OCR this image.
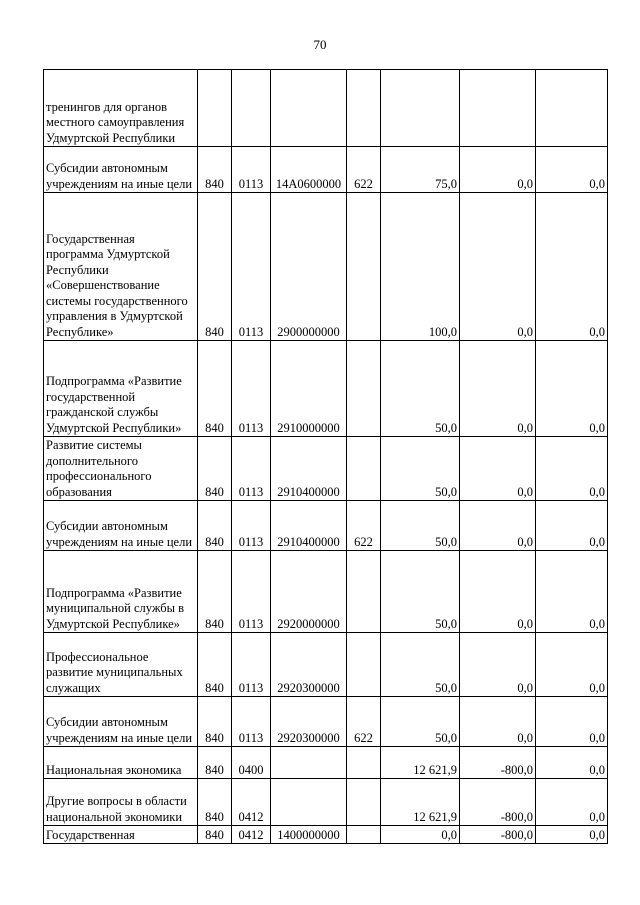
70
тренингов для органов местного самоуправления Удмуртской Республики							
Субсидии автономным учреждениям на иные цели	840	0113	14А0600000	622	75,0	0,0	0,0
Государственная программа Удмуртской Республики «Совершенствование системы государственного управления в Удмуртской Республике»	840	0113	2900000000		100,0	0,0	0,0
Подпрограмма «Развитие государственной гражданской службы Удмуртской Республики»	840	0113	2910000000		50,0	0,0	0,0
Развитие системы дополнительного профессионального образования	840	0113	2910400000		50,0	0,0	0,0
Субсидии автономным учреждениям на иные цели	840	0113	2910400000	622	50,0	0,0	0,0
Подпрограмма «Развитие муниципальной службы в Удмуртской Республике»	840	0113	2920000000		50,0	0,0	0,0
Профессиональное развитие муниципальных служащих	840	0113	2920300000		50,0	0,0	0,0
Субсидии автономным учреждениям на иные цели	840	0113	2920300000	622	50,0	0,0	0,0
Национальная экономика	840	0400			12 621,9	-800,0	0,0
Другие вопросы в области национальной экономики	840	0412			12 621,9	-800,0	0,0
Государственная	840	0412	1400000000		0,0	-800,0	0,0
